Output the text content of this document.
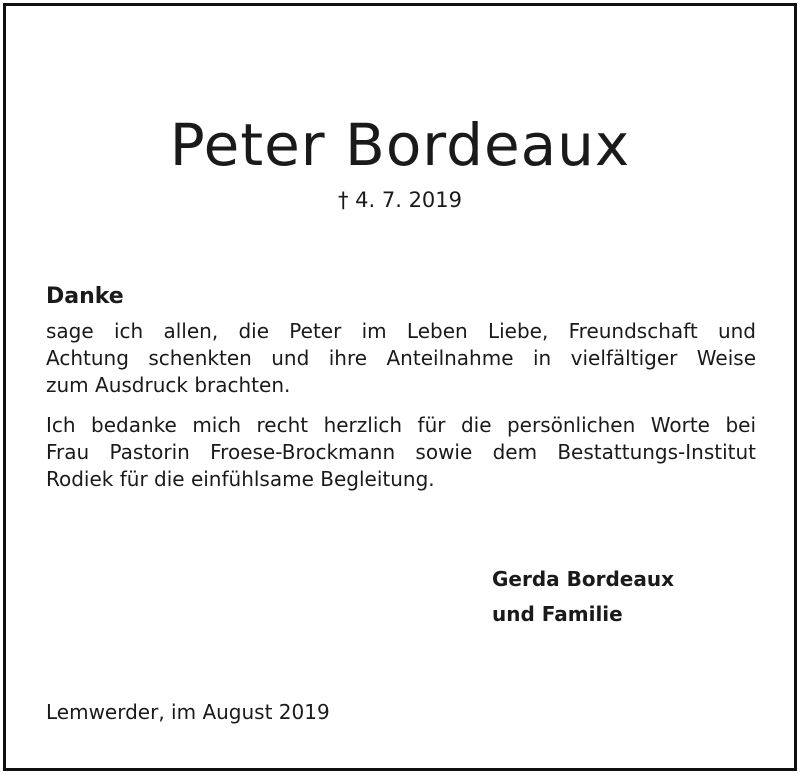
Peter Bordeaux
† 4. 7. 2019
Danke
sage ich allen, die Peter im Leben Liebe, Freundschaft und
Achtung schenkten und ihre Anteilnahme in vielfältiger Weise
zum Ausdruck brachten.
Ich bedanke mich recht herzlich für die persönlichen Worte bei
Frau Pastorin Froese-Brockmann sowie dem Bestattungs-Institut
Rodiek für die einfühlsame Begleitung.
Gerda Bordeaux
und Familie
Lemwerder, im August 2019
